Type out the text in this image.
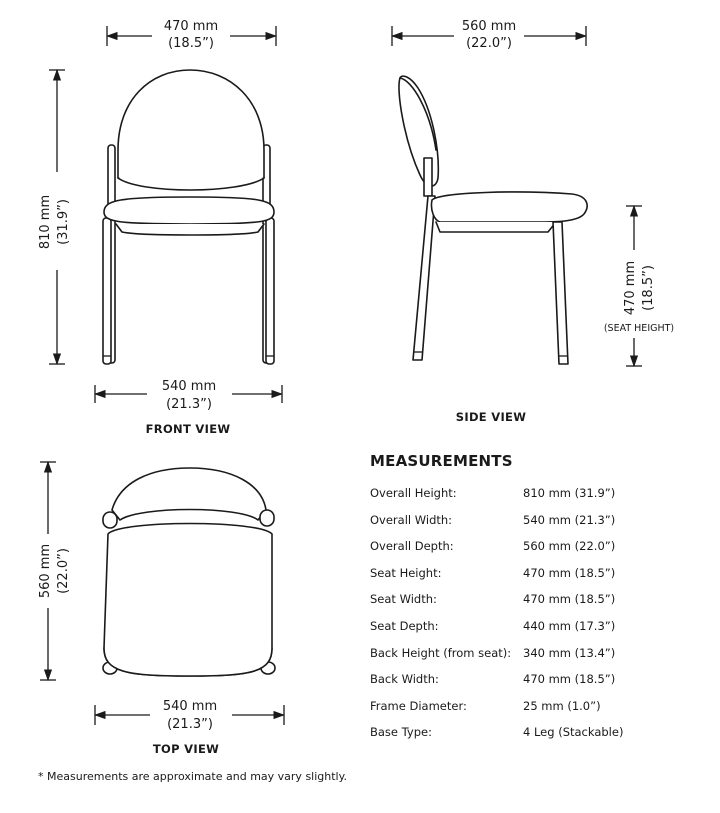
470 mm
(18.5”)
810 mm (31.9”)
540 mm
(21.3”)
FRONT VIEW
560 mm
(22.0”)
470 mm (18.5”)
(SEAT HEIGHT)
SIDE VIEW
560 mm (22.0”)
540 mm
(21.3”)
TOP VIEW
MEASUREMENTS
Overall Height:	810 mm (31.9”)
Overall Width:	540 mm (21.3”)
Overall Depth:	560 mm (22.0”)
Seat Height:	470 mm (18.5”)
Seat Width:	470 mm (18.5”)
Seat Depth:	440 mm (17.3”)
Back Height (from seat):	340 mm (13.4”)
Back Width:	470 mm (18.5”)
Frame Diameter:	25 mm (1.0”)
Base Type:	4 Leg (Stackable)
* Measurements are approximate and may vary slightly.
